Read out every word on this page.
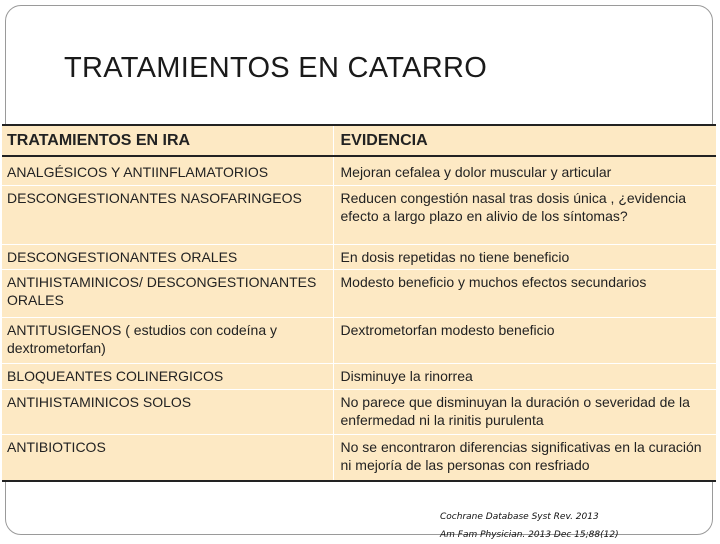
TRATAMIENTOS EN CATARRO
TRATAMIENTOS EN IRA	EVIDENCIA
ANALGÉSICOS Y ANTIINFLAMATORIOS	Mejoran cefalea y dolor muscular y articular
DESCONGESTIONANTES NASOFARINGEOS	Reducen congestión nasal tras dosis única , ¿evidencia efecto a largo plazo en alivio de los síntomas?
DESCONGESTIONANTES ORALES	En dosis repetidas no tiene beneficio
ANTIHISTAMINICOS/ DESCONGESTIONANTES ORALES	Modesto beneficio y muchos efectos secundarios
ANTITUSIGENOS ( estudios con codeína y dextrometorfan)	Dextrometorfan modesto beneficio
BLOQUEANTES COLINERGICOS	Disminuye la rinorrea
ANTIHISTAMINICOS SOLOS	No parece que disminuyan la duración o severidad de la enfermedad ni la rinitis purulenta
ANTIBIOTICOS	No se encontraron diferencias significativas en la curación ni mejoría de las personas con resfriado
Cochrane Database Syst Rev. 2013
Am Fam Physician. 2013 Dec 15;88(12)
